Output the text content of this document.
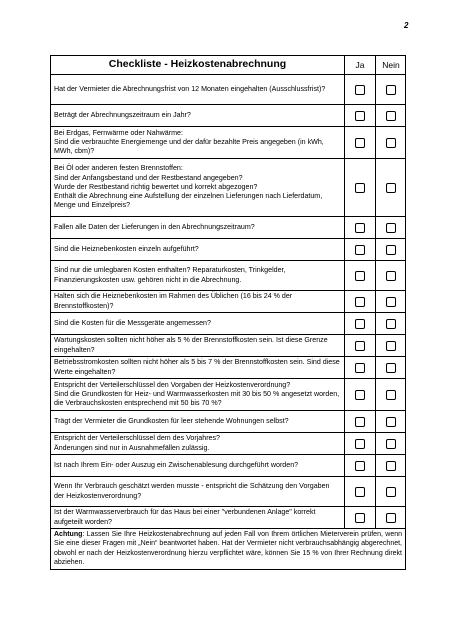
2
Checkliste - Heizkostenabrechnung	Ja	Nein

Hat der Vermieter die Abrechnungsfrist von 12 Monaten eingehalten (Ausschlussfrist)?

Beträgt der Abrechnungszeitraum ein Jahr?

Bei Erdgas, Fernwärme oder Nahwärme:

Sind die verbrauchte Energiemenge und der dafür bezahlte Preis angegeben (in kWh, MWh, cbm)?

Bei Öl oder anderen festen Brennstoffen:

Sind der Anfangsbestand und der Restbestand angegeben?

Wurde der Restbestand richtig bewertet und korrekt abgezogen?

Enthält die Abrechnung eine Aufstellung der einzelnen Lieferungen nach Lieferdatum, Menge und Einzelpreis?

Fallen alle Daten der Lieferungen in den Abrechnungszeitraum?

Sind die Heiznebenkosten einzeln aufgeführt?

Sind nur die umlegbaren Kosten enthalten? Reparaturkosten, Trinkgelder, Finanzierungskosten usw. gehören nicht in die Abrechnung.

Halten sich die Heiznebenkosten im Rahmen des Üblichen (16 bis 24 % der Brennstoffkosten)?

Sind die Kosten für die Messgeräte angemessen?

Wartungskosten sollten nicht höher als 5 % der Brennstoffkosten sein. Ist diese Grenze eingehalten?

Betriebsstromkosten sollten nicht höher als 5 bis 7 % der Brennstoffkosten sein. Sind diese Werte eingehalten?

Entspricht der Verteilerschlüssel den Vorgaben der Heizkostenverordnung?

Sind die Grundkosten für Heiz- und Warmwasserkosten mit 30 bis 50 % angesetzt worden, die Verbrauchskosten entsprechend mit 50 bis 70 %?

Trägt der Vermieter die Grundkosten für leer stehende Wohnungen selbst?

Entspricht der Verteilerschlüssel dem des Vorjahres?

Änderungen sind nur in Ausnahmefällen zulässig.

Ist nach Ihrem Ein- oder Auszug ein Zwischenablesung durchgeführt worden?

Wenn Ihr Verbrauch geschätzt werden musste - entspricht die Schätzung den Vorgaben der Heizkostenverordnung?

Ist der Warmwasserverbrauch für das Haus bei einer "verbundenen Anlage" korrekt aufgeteilt worden?

Achtung: Lassen Sie Ihre Heizkostenabrechnung auf jeden Fall von Ihrem örtlichen Mieterverein prüfen, wenn Sie eine dieser Fragen mit „Nein“ beantwortet haben. Hat der Vermieter nicht verbrauchsabhängig abgerechnet, obwohl er nach der Heizkostenverordnung hierzu verpflichtet wäre, können Sie 15 % von Ihrer Rechnung direkt abziehen.
